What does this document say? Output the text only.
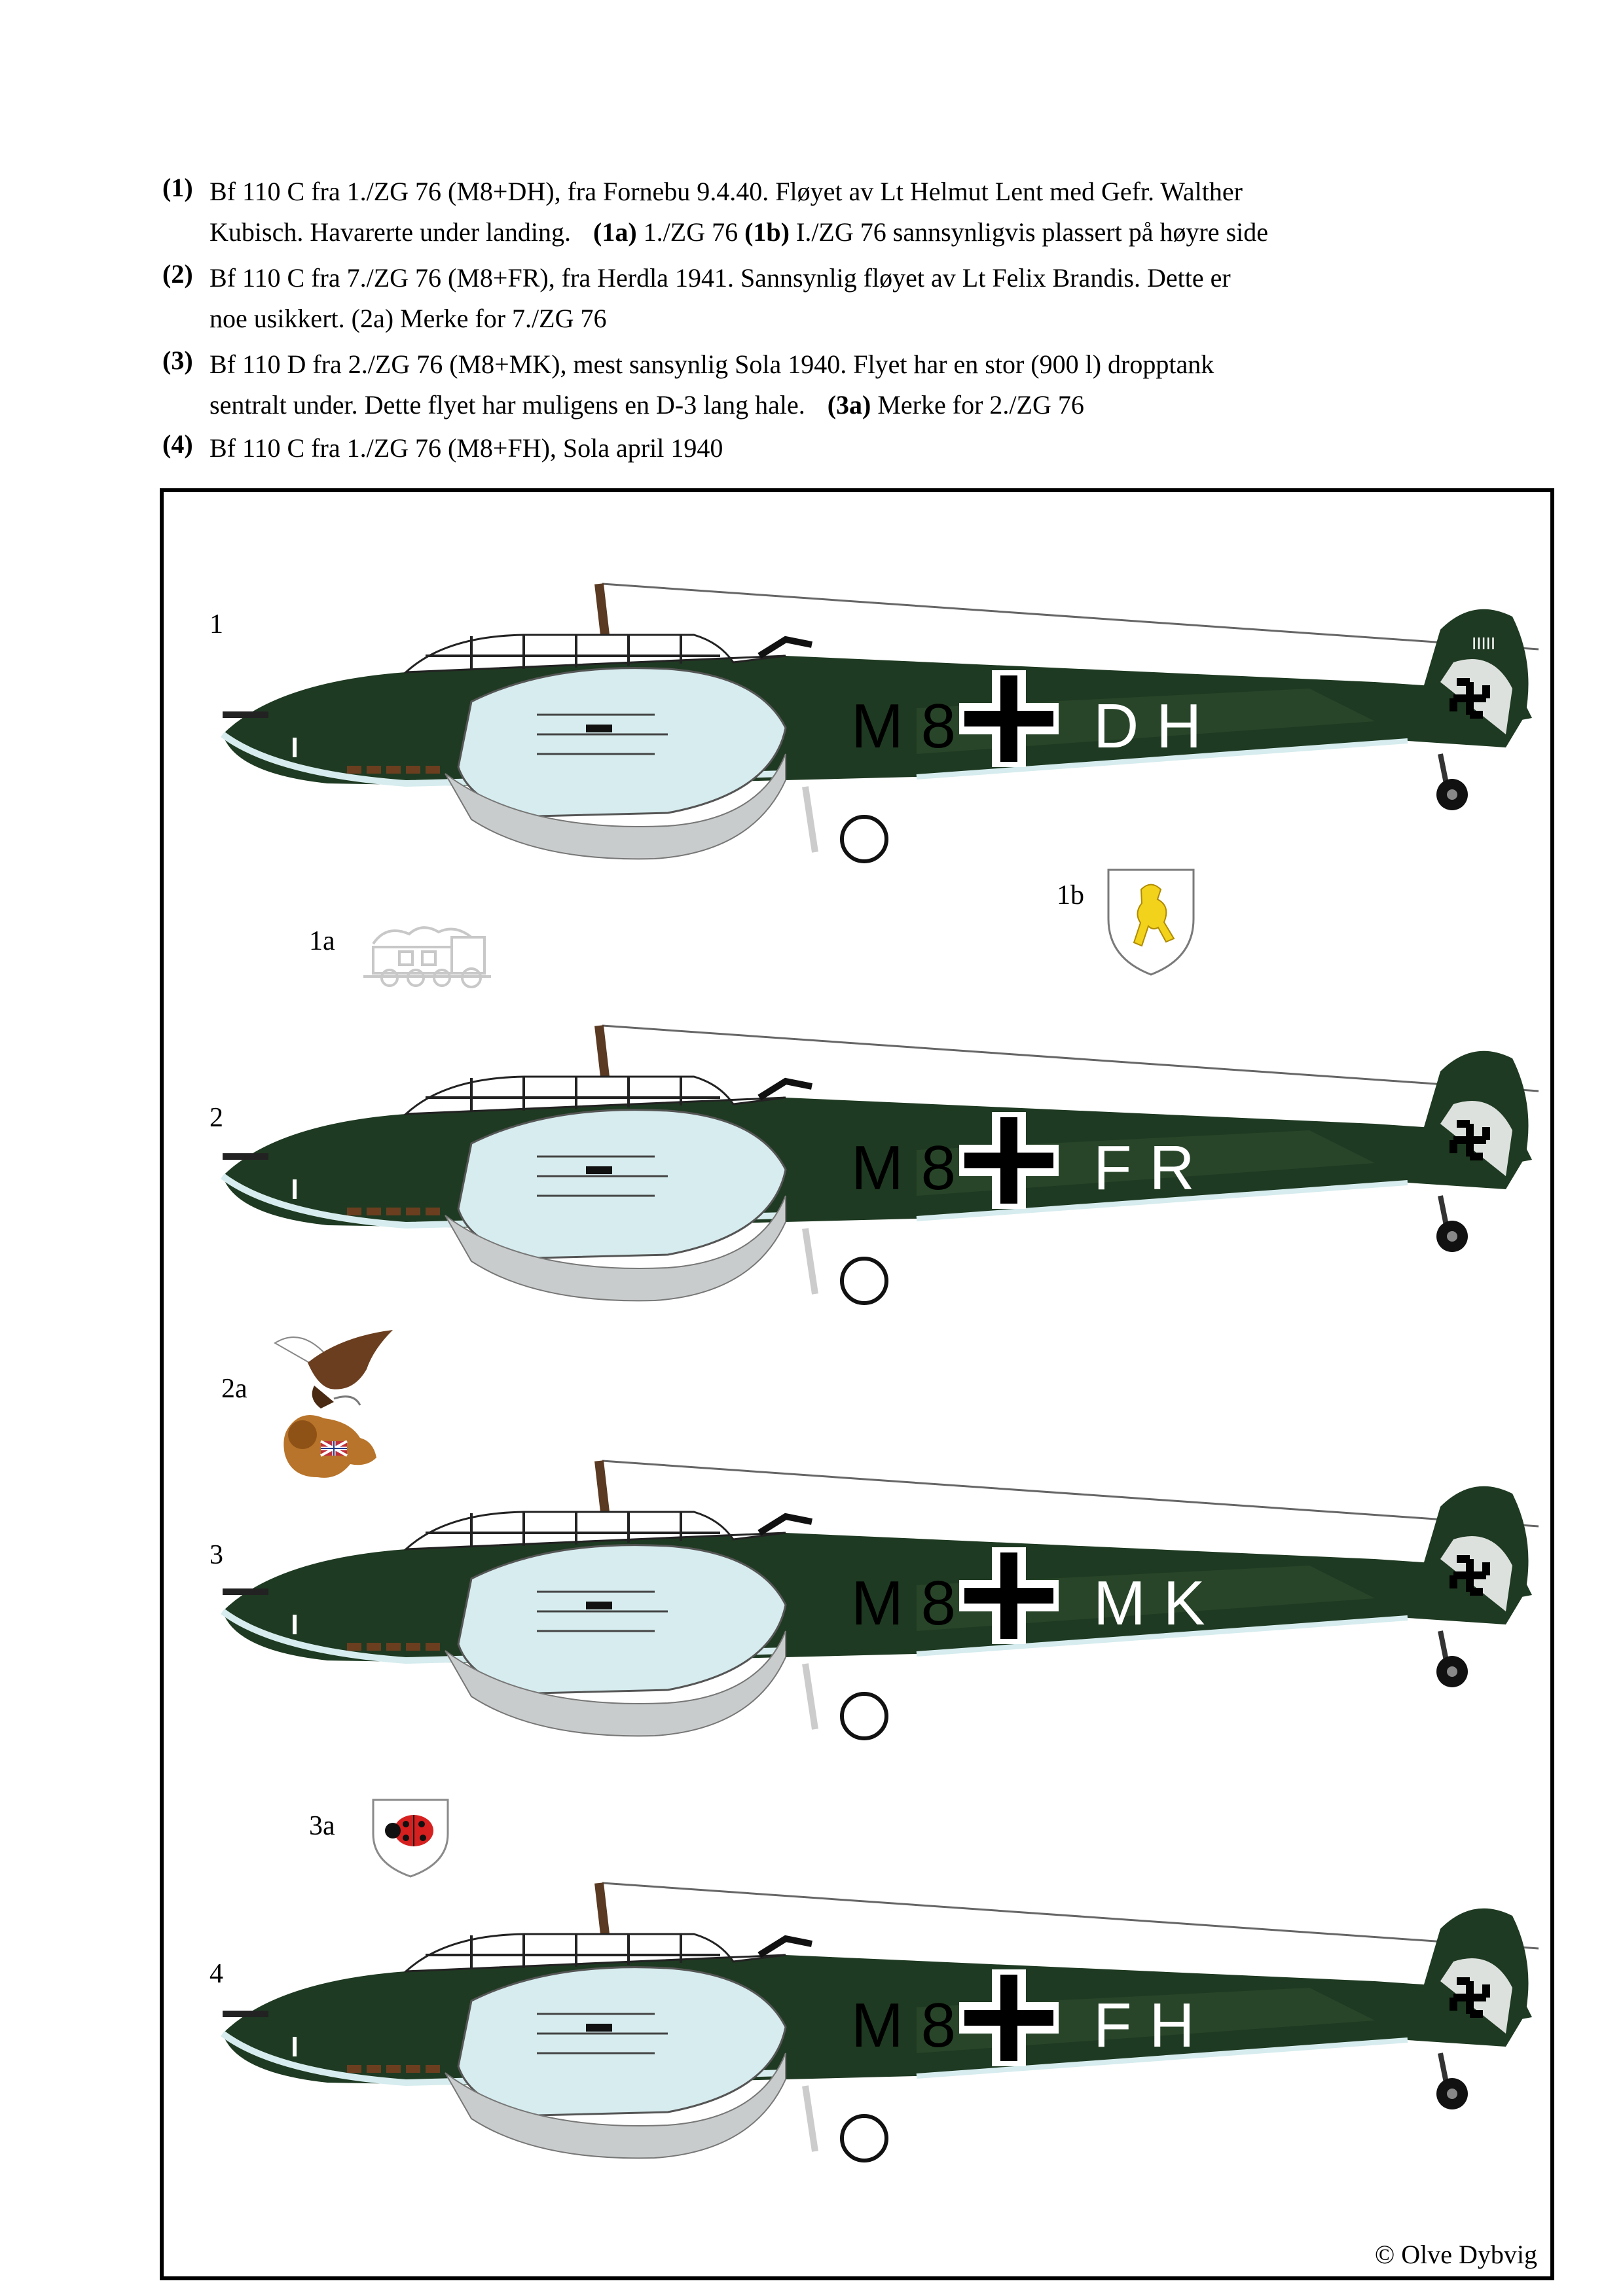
(1) Bf 110 C fra 1./ZG 76 (M8+DH), fra Fornebu 9.4.40. Fløyet av Lt Helmut Lent med Gefr. Walther
Kubisch. Havarerte under landing. (1a) 1./ZG 76 (1b) I./ZG 76 sannsynligvis plassert på høyre side
(2) Bf 110 C fra 7./ZG 76 (M8+FR), fra Herdla 1941. Sannsynlig fløyet av Lt Felix Brandis. Dette er
noe usikkert. (2a) Merke for 7./ZG 76
(3) Bf 110 D fra 2./ZG 76 (M8+MK), mest sansynlig Sola 1940. Flyet har en stor (900 l) dropptank
sentralt under. Dette flyet har muligens en D-3 lang hale. (3a) Merke for 2./ZG 76
(4) Bf 110 C fra 1./ZG 76 (M8+FH), Sola april 1940
1
2
3
4
1a
1b
2a
3a
IIIII
M 8 D H
M 8 F R
M 8 M K
M 8 F H
© Olve Dybvig
